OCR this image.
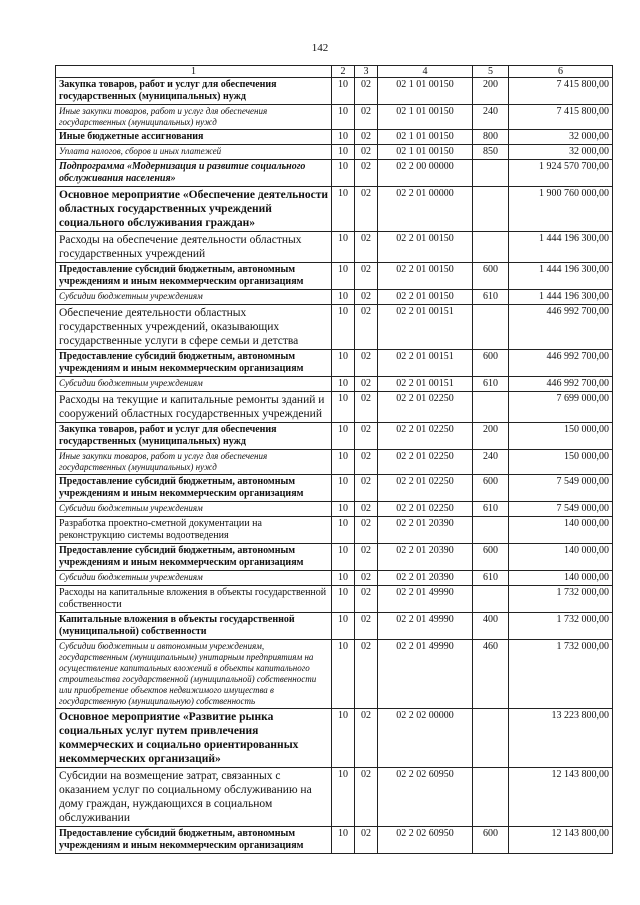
142
1	2	3	4	5	6
Закупка товаров, работ и услуг для обеспечения государственных (муниципальных) нужд	10	02	02 1 01 00150	200	7 415 800,00
Иные закупки товаров, работ и услуг для обеспечения государственных (муниципальных) нужд	10	02	02 1 01 00150	240	7 415 800,00
Иные бюджетные ассигнования	10	02	02 1 01 00150	800	32 000,00
Уплата налогов, сборов и иных платежей	10	02	02 1 01 00150	850	32 000,00
Подпрограмма «Модернизация и развитие социального обслуживания населения»	10	02	02 2 00 00000		1 924 570 700,00
Основное мероприятие «Обеспечение деятельности областных государственных учреждений социального обслуживания граждан»	10	02	02 2 01 00000		1 900 760 000,00
Расходы на обеспечение деятельности областных государственных учреждений	10	02	02 2 01 00150		1 444 196 300,00
Предоставление субсидий бюджетным, автономным учреждениям и иным некоммерческим организациям	10	02	02 2 01 00150	600	1 444 196 300,00
Субсидии бюджетным учреждениям	10	02	02 2 01 00150	610	1 444 196 300,00
Обеспечение деятельности областных государственных учреждений, оказывающих государственные услуги в сфере семьи и детства	10	02	02 2 01 00151		446 992 700,00
Предоставление субсидий бюджетным, автономным учреждениям и иным некоммерческим организациям	10	02	02 2 01 00151	600	446 992 700,00
Субсидии бюджетным учреждениям	10	02	02 2 01 00151	610	446 992 700,00
Расходы на текущие и капитальные ремонты зданий и сооружений областных государственных учреждений	10	02	02 2 01 02250		7 699 000,00
Закупка товаров, работ и услуг для обеспечения государственных (муниципальных) нужд	10	02	02 2 01 02250	200	150 000,00
Иные закупки товаров, работ и услуг для обеспечения государственных (муниципальных) нужд	10	02	02 2 01 02250	240	150 000,00
Предоставление субсидий бюджетным, автономным учреждениям и иным некоммерческим организациям	10	02	02 2 01 02250	600	7 549 000,00
Субсидии бюджетным учреждениям	10	02	02 2 01 02250	610	7 549 000,00
Разработка проектно-сметной документации на реконструкцию системы водоотведения	10	02	02 2 01 20390		140 000,00
Предоставление субсидий бюджетным, автономным учреждениям и иным некоммерческим организациям	10	02	02 2 01 20390	600	140 000,00
Субсидии бюджетным учреждениям	10	02	02 2 01 20390	610	140 000,00
Расходы на капитальные вложения в объекты государственной собственности	10	02	02 2 01 49990		1 732 000,00
Капитальные вложения в объекты государственной (муниципальной) собственности	10	02	02 2 01 49990	400	1 732 000,00
Субсидии бюджетным и автономным учреждениям, государственным (муниципальным) унитарным предприятиям на осуществление капитальных вложений в объекты капитального строительства государственной (муниципальной) собственности или приобретение объектов недвижимого имущества в государственную (муниципальную) собственность	10	02	02 2 01 49990	460	1 732 000,00
Основное мероприятие «Развитие рынка социальных услуг путем привлечения коммерческих и социально ориентированных некоммерческих организаций»	10	02	02 2 02 00000		13 223 800,00
Субсидии на возмещение затрат, связанных с оказанием услуг по социальному обслуживанию на дому граждан, нуждающихся в социальном обслуживании	10	02	02 2 02 60950		12 143 800,00
Предоставление субсидий бюджетным, автономным учреждениям и иным некоммерческим организациям	10	02	02 2 02 60950	600	12 143 800,00
